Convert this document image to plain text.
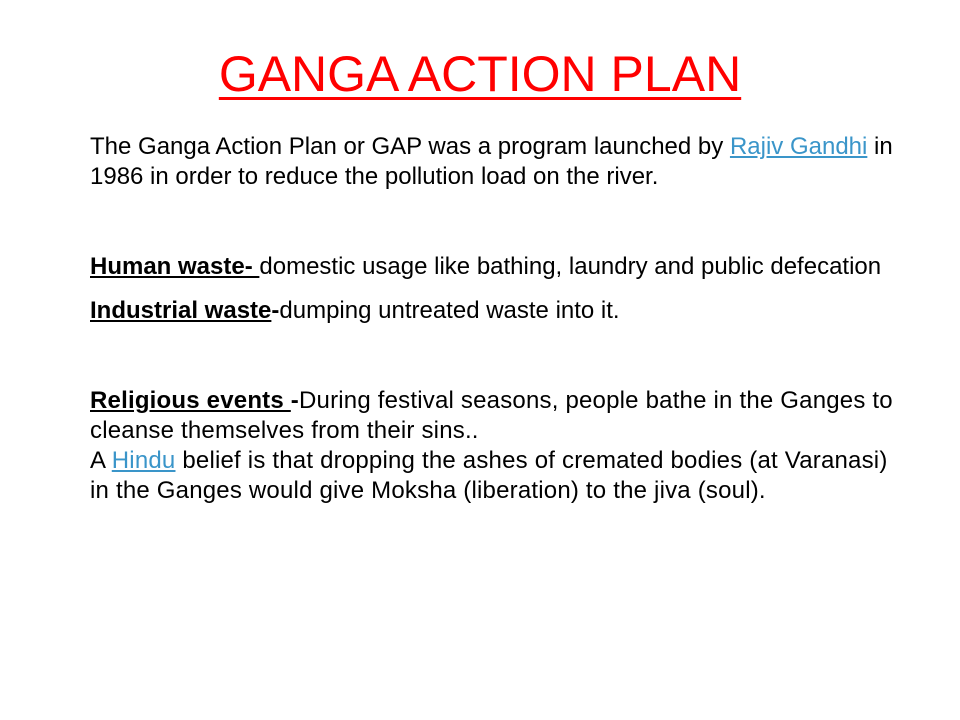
GANGA ACTION PLAN

The Ganga Action Plan or GAP was a program launched by Rajiv Gandhi in 1986 in order to reduce the pollution load on the river.

Human waste- domestic usage like bathing, laundry and public defecation

Industrial waste-dumping untreated waste into it.

Religious events -During festival seasons, people bathe in the Ganges to cleanse themselves from their sins..
A Hindu belief is that dropping the ashes of cremated bodies (at Varanasi) in the Ganges would give Moksha (liberation) to the jiva (soul).
